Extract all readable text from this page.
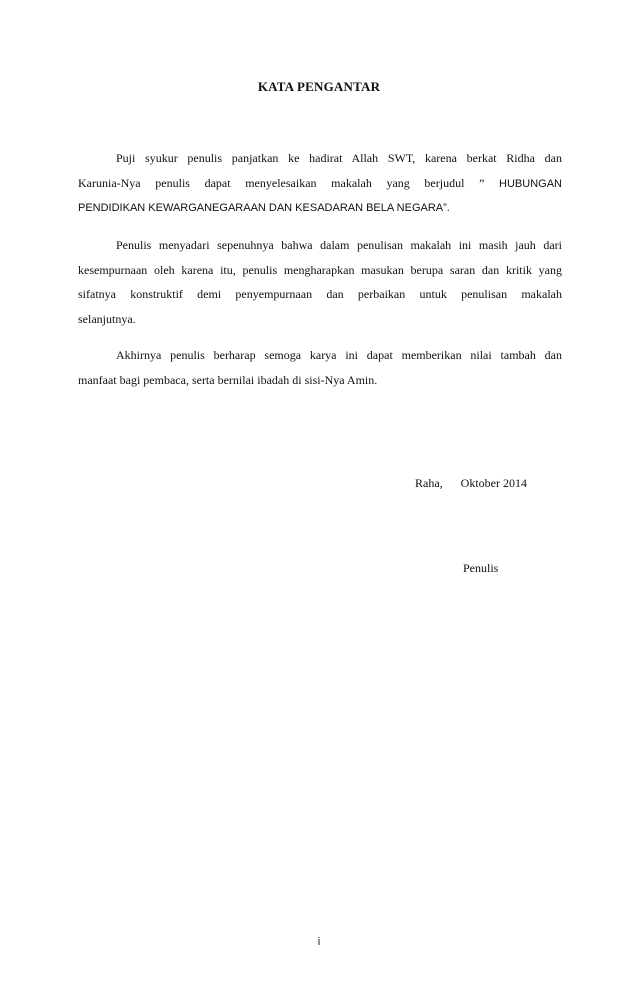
KATA PENGANTAR
Puji syukur penulis panjatkan ke hadirat Allah SWT, karena berkat Ridha dan
Karunia-Nya penulis dapat menyelesaikan makalah yang berjudul ” HUBUNGAN
PENDIDIKAN KEWARGANEGARAAN DAN KESADARAN BELA NEGARA”.
Penulis menyadari sepenuhnya bahwa dalam penulisan makalah ini masih jauh dari
kesempurnaan oleh karena itu, penulis mengharapkan masukan berupa saran dan kritik yang
sifatnya konstruktif demi penyempurnaan dan perbaikan untuk penulisan makalah
selanjutnya.
Akhirnya penulis berharap semoga karya ini dapat memberikan nilai tambah dan
manfaat bagi pembaca, serta bernilai ibadah di sisi-Nya Amin.
Raha, Oktober 2014
Penulis
i
